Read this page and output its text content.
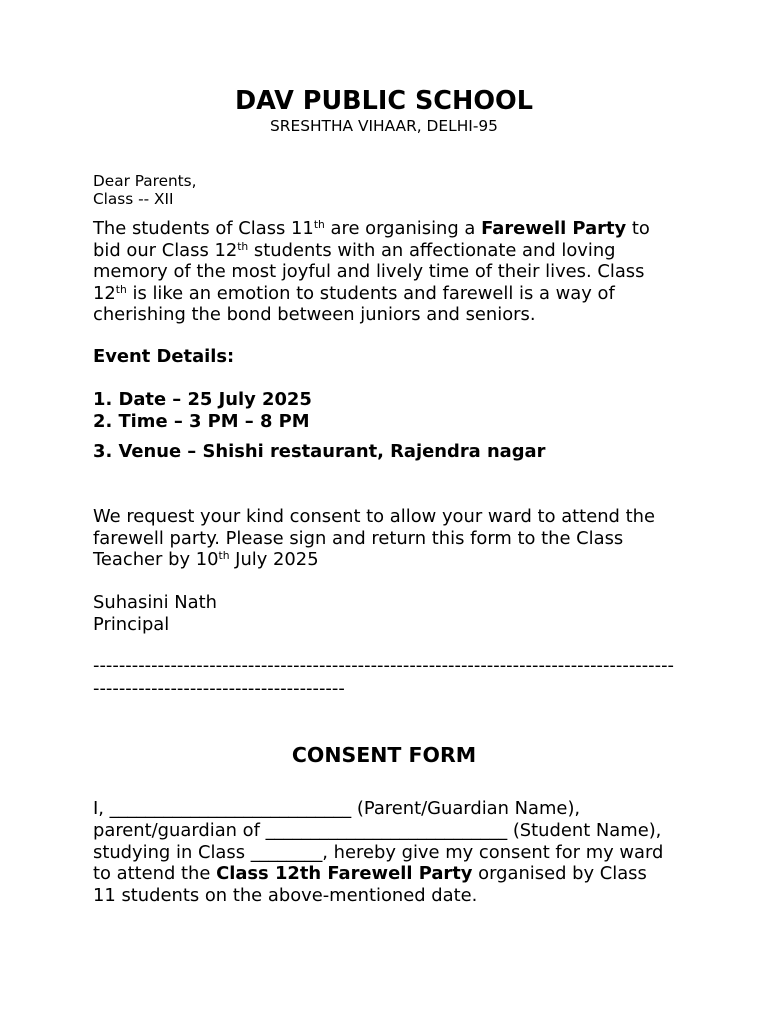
DAV PUBLIC SCHOOL
SRESHTHA VIHAAR, DELHI-95
Dear Parents,
Class -- XII
The students of Class 11th are organising a Farewell Party to
bid our Class 12th students with an affectionate and loving
memory of the most joyful and lively time of their lives. Class
12th is like an emotion to students and farewell is a way of
cherishing the bond between juniors and seniors.
Event Details:
1. Date – 25 July 2025
2. Time – 3 PM – 8 PM
3. Venue – Shishi restaurant, Rajendra nagar
We request your kind consent to allow your ward to attend the
farewell party. Please sign and return this form to the Class
Teacher by 10th July 2025
Suhasini Nath
Principal
------------------------------------------------------------------------------------------
---------------------------------------
CONSENT FORM
I, ___________________________ (Parent/Guardian Name),
parent/guardian of ___________________________ (Student Name),
studying in Class ________, hereby give my consent for my ward
to attend the Class 12th Farewell Party organised by Class
11 students on the above-mentioned date.
